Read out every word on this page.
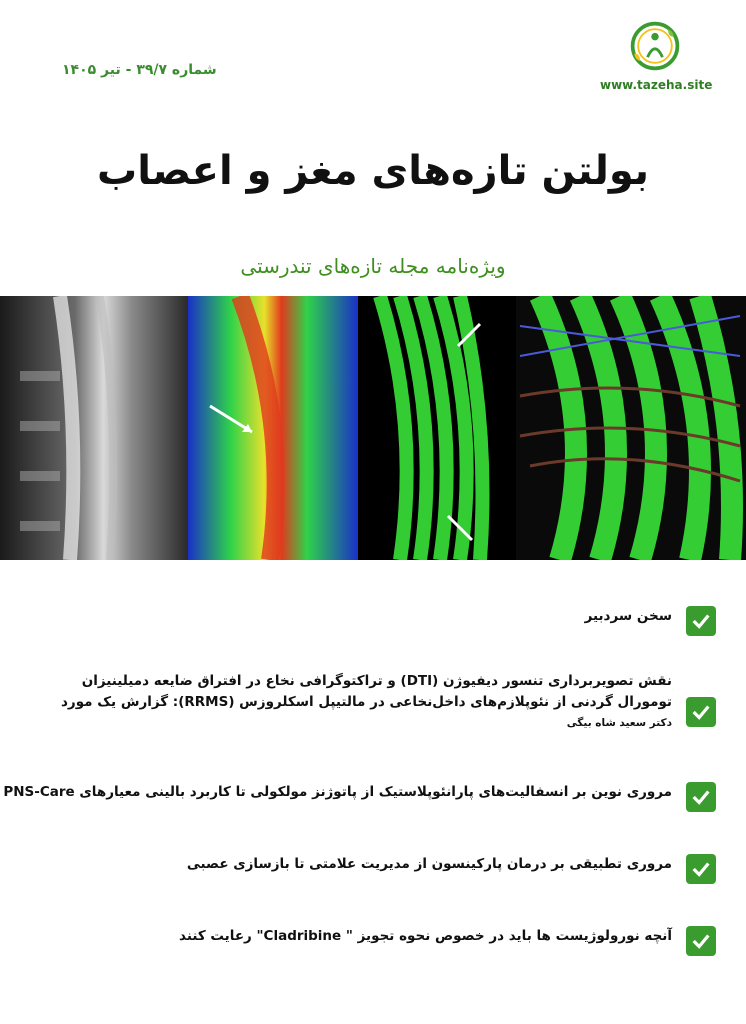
شماره ۳۹/۷ - تیر ۱۴۰۵
www.tazeha.site
بولتن تازه‌های مغز و اعصاب
ویژه‌نامه مجله تازه‌های تندرستی
سخن سردبیر
نقش تصویربرداری تنسور دیفیوژن (DTI) و تراکتوگرافی نخاع در افتراق ضایعه دمیلینیزان تومورال گردنی از نئوپلازم‌های داخل‌نخاعی در مالتیپل اسکلروزس (RRMS): گزارش یک مورد
دکتر سعید شاه بیگی
مروری نوین بر انسفالیت‌های پارانئوپلاستیک از پاتوژنز مولکولی تا کاربرد بالینی معیارهای PNS-Care
مروری تطبیقی بر درمان پارکینسون از مدیریت علامتی تا بازسازی عصبی
آنچه نورولوژیست ها باید در خصوص نحوه تجویز " Cladribine" رعایت کنند
